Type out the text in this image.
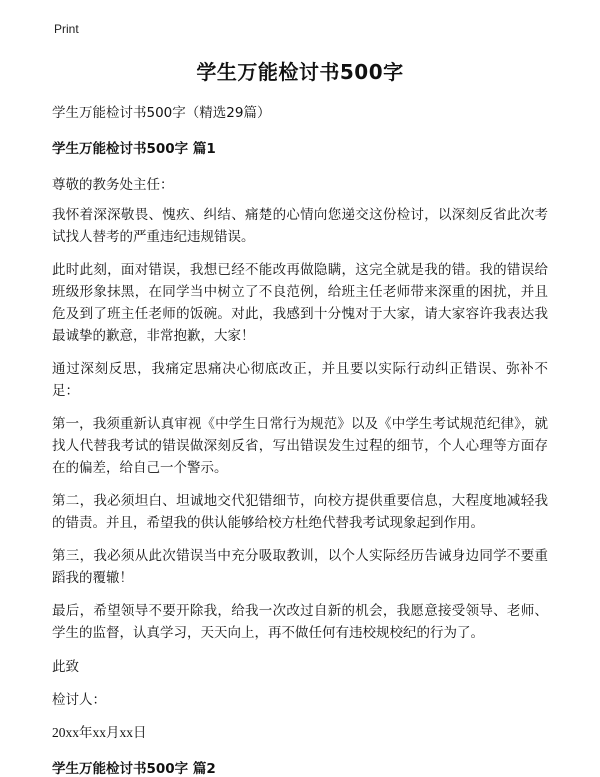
Print
学生万能检讨书500字
学生万能检讨书500字（精选29篇）
学生万能检讨书500字 篇1
尊敬的教务处主任：

我怀着深深敬畏、愧疚、纠结、痛楚的心情向您递交这份检讨，以深刻反省此次考试找人替考的严重违纪违规错误。

此时此刻，面对错误，我想已经不能改再做隐瞒，这完全就是我的错。我的错误给班级形象抹黑，在同学当中树立了不良范例，给班主任老师带来深重的困扰，并且危及到了班主任老师的饭碗。对此，我感到十分愧对于大家，请大家容许我表达我最诚挚的歉意，非常抱歉，大家！

通过深刻反思，我痛定思痛决心彻底改正，并且要以实际行动纠正错误、弥补不足：

第一，我须重新认真审视《中学生日常行为规范》以及《中学生考试规范纪律》，就找人代替我考试的错误做深刻反省，写出错误发生过程的细节，个人心理等方面存在的偏差，给自己一个警示。

第二，我必须坦白、坦诚地交代犯错细节，向校方提供重要信息，大程度地减轻我的错责。并且，希望我的供认能够给校方杜绝代替我考试现象起到作用。

第三，我必须从此次错误当中充分吸取教训，以个人实际经历告诫身边同学不要重蹈我的覆辙！

最后，希望领导不要开除我，给我一次改过自新的机会，我愿意接受领导、老师、学生的监督，认真学习，天天向上，再不做任何有违校规校纪的行为了。

此致
检讨人：
20xx年xx月xx日
学生万能检讨书500字 篇2
